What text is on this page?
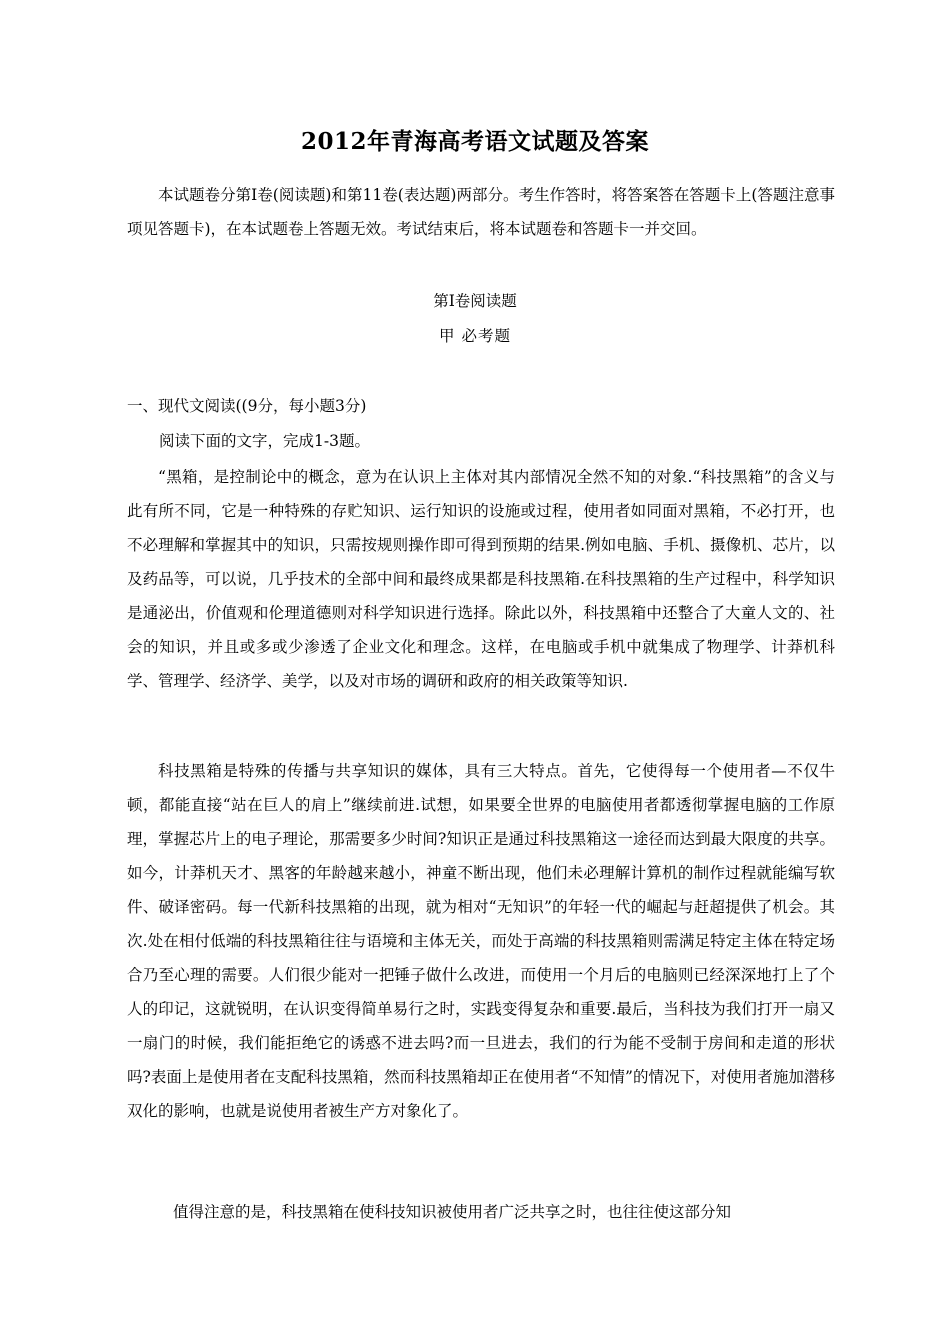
2012年青海高考语文试题及答案
本试题卷分第Ⅰ卷(阅读题)和第11卷(表达题)两部分。考生作答时，将答案答在答题卡上(答题注意事项见答题卡)，在本试题卷上答题无效。考试结束后，将本试题卷和答题卡一并交回。
第Ⅰ卷阅读题
甲 必考题
一、现代文阅读((9分，每小题3分)
阅读下面的文字，完成1-3题。

“黑箱，是控制论中的概念，意为在认识上主体对其内部情况全然不知的对象.“科技黑箱”的含义与此有所不同，它是一种特殊的存贮知识、运行知识的设施或过程，使用者如同面对黑箱，不必打开，也不必理解和掌握其中的知识，只需按规则操作即可得到预期的结果.例如电脑、手机、摄像机、芯片，以及药品等，可以说，几乎技术的全部中间和最终成果都是科技黑箱.在科技黑箱的生产过程中，科学知识是通泌出，价值观和伦理道德则对科学知识进行选择。除此以外，科技黑箱中还整合了大童人文的、社会的知识，并且或多或少渗透了企业文化和理念。这样，在电脑或手机中就集成了物理学、计莽机科学、管理学、经济学、美学，以及对市场的调研和政府的相关政策等知识.

科技黑箱是特殊的传播与共享知识的媒体，具有三大特点。首先，它使得每一个使用者—不仅牛顿，都能直接“站在巨人的肩上”继续前进.试想，如果要全世界的电脑使用者都透彻掌握电脑的工作原理，掌握芯片上的电子理论，那需要多少时间?知识正是通过科技黑箱这一途径而达到最大限度的共享。如今，计莽机天才、黑客的年龄越来越小，神童不断出现，他们未必理解计算机的制作过程就能编写软件、破译密码。每一代新科技黑箱的出现，就为相对“无知识”的年轻一代的崛起与赶超提供了机会。其次.处在相付低端的科技黑箱往往与语境和主体无关，而处于高端的科技黑箱则需满足特定主体在特定场合乃至心理的需要。人们很少能对一把锤子做什么改进，而使用一个月后的电脑则已经深深地打上了个人的印记，这就锐明，在认识变得简单易行之时，实践变得复杂和重要.最后，当科技为我们打开一扇又一扇门的时候，我们能拒绝它的诱惑不进去吗?而一旦进去，我们的行为能不受制于房间和走道的形状吗?表面上是使用者在支配科技黑箱，然而科技黑箱却正在使用者“不知情”的情况下，对使用者施加潜移双化的影响，也就是说使用者被生产方对象化了。

值得注意的是，科技黑箱在使科技知识被使用者广泛共享之时，也往往使这部分知
